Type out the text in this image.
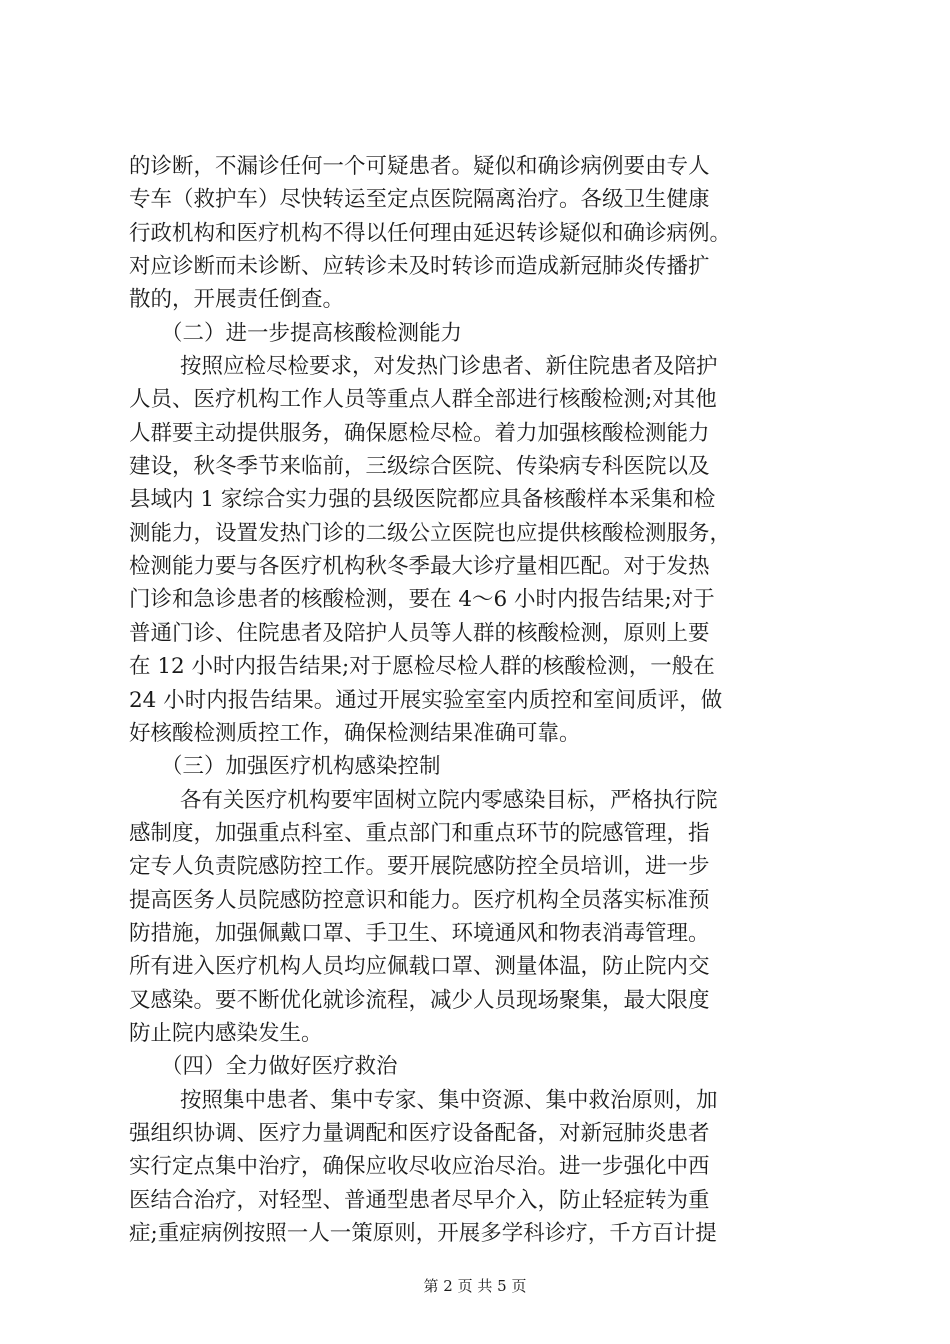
的诊断，不漏诊任何一个可疑患者。疑似和确诊病例要由专人

专车（救护车）尽快转运至定点医院隔离治疗。各级卫生健康

行政机构和医疗机构不得以任何理由延迟转诊疑似和确诊病例。

对应诊断而未诊断、应转诊未及时转诊而造成新冠肺炎传播扩

散的，开展责任倒查。

（二）进一步提高核酸检测能力

按照应检尽检要求，对发热门诊患者、新住院患者及陪护

人员、医疗机构工作人员等重点人群全部进行核酸检测;对其他

人群要主动提供服务，确保愿检尽检。着力加强核酸检测能力

建设，秋冬季节来临前，三级综合医院、传染病专科医院以及

县域内 1 家综合实力强的县级医院都应具备核酸样本采集和检

测能力，设置发热门诊的二级公立医院也应提供核酸检测服务，

检测能力要与各医疗机构秋冬季最大诊疗量相匹配。对于发热

门诊和急诊患者的核酸检测，要在 4～6 小时内报告结果;对于

普通门诊、住院患者及陪护人员等人群的核酸检测，原则上要

在 12 小时内报告结果;对于愿检尽检人群的核酸检测，一般在

24 小时内报告结果。通过开展实验室室内质控和室间质评，做

好核酸检测质控工作，确保检测结果准确可靠。

（三）加强医疗机构感染控制

各有关医疗机构要牢固树立院内零感染目标，严格执行院

感制度，加强重点科室、重点部门和重点环节的院感管理，指

定专人负责院感防控工作。要开展院感防控全员培训，进一步

提高医务人员院感防控意识和能力。医疗机构全员落实标准预

防措施，加强佩戴口罩、手卫生、环境通风和物表消毒管理。

所有进入医疗机构人员均应佩载口罩、测量体温，防止院内交

叉感染。要不断优化就诊流程，减少人员现场聚集，最大限度

防止院内感染发生。

（四）全力做好医疗救治

按照集中患者、集中专家、集中资源、集中救治原则，加

强组织协调、医疗力量调配和医疗设备配备，对新冠肺炎患者

实行定点集中治疗，确保应收尽收应治尽治。进一步强化中西

医结合治疗，对轻型、普通型患者尽早介入，防止轻症转为重

症;重症病例按照一人一策原则，开展多学科诊疗，千方百计提

第 2 页 共 5 页
